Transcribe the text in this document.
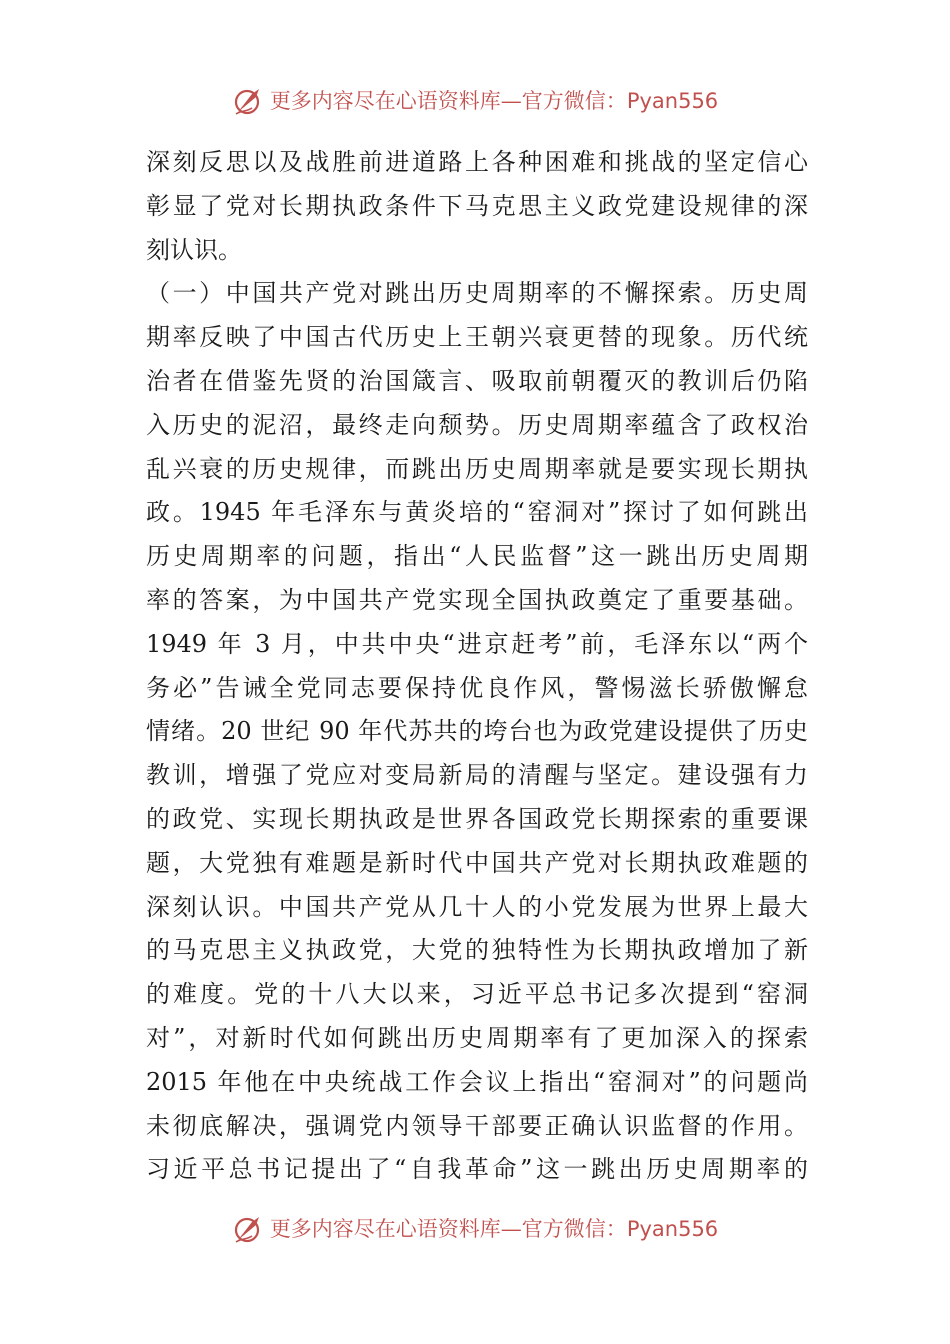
更多内容尽在心语资料库—官方微信：Pyan556
深刻反思以及战胜前进道路上各种困难和挑战的坚定信心
彰显了党对长期执政条件下马克思主义政党建设规律的深
刻认识。
（一）中国共产党对跳出历史周期率的不懈探索。历史周
期率反映了中国古代历史上王朝兴衰更替的现象。历代统
治者在借鉴先贤的治国箴言、吸取前朝覆灭的教训后仍陷
入历史的泥沼，最终走向颓势。历史周期率蕴含了政权治
乱兴衰的历史规律，而跳出历史周期率就是要实现长期执
政。1945 年毛泽东与黄炎培的“窑洞对”探讨了如何跳出
历史周期率的问题，指出“人民监督”这一跳出历史周期
率的答案，为中国共产党实现全国执政奠定了重要基础。
1949 年 3 月，中共中央“进京赶考”前，毛泽东以“两个
务必”告诫全党同志要保持优良作风，警惕滋长骄傲懈怠
情绪。20 世纪 90 年代苏共的垮台也为政党建设提供了历史
教训，增强了党应对变局新局的清醒与坚定。建设强有力
的政党、实现长期执政是世界各国政党长期探索的重要课
题，大党独有难题是新时代中国共产党对长期执政难题的
深刻认识。中国共产党从几十人的小党发展为世界上最大
的马克思主义执政党，大党的独特性为长期执政增加了新
的难度。党的十八大以来，习近平总书记多次提到“窑洞
对”，对新时代如何跳出历史周期率有了更加深入的探索
2015 年他在中央统战工作会议上指出“窑洞对”的问题尚
未彻底解决，强调党内领导干部要正确认识监督的作用。
习近平总书记提出了“自我革命”这一跳出历史周期率的
更多内容尽在心语资料库—官方微信：Pyan556
